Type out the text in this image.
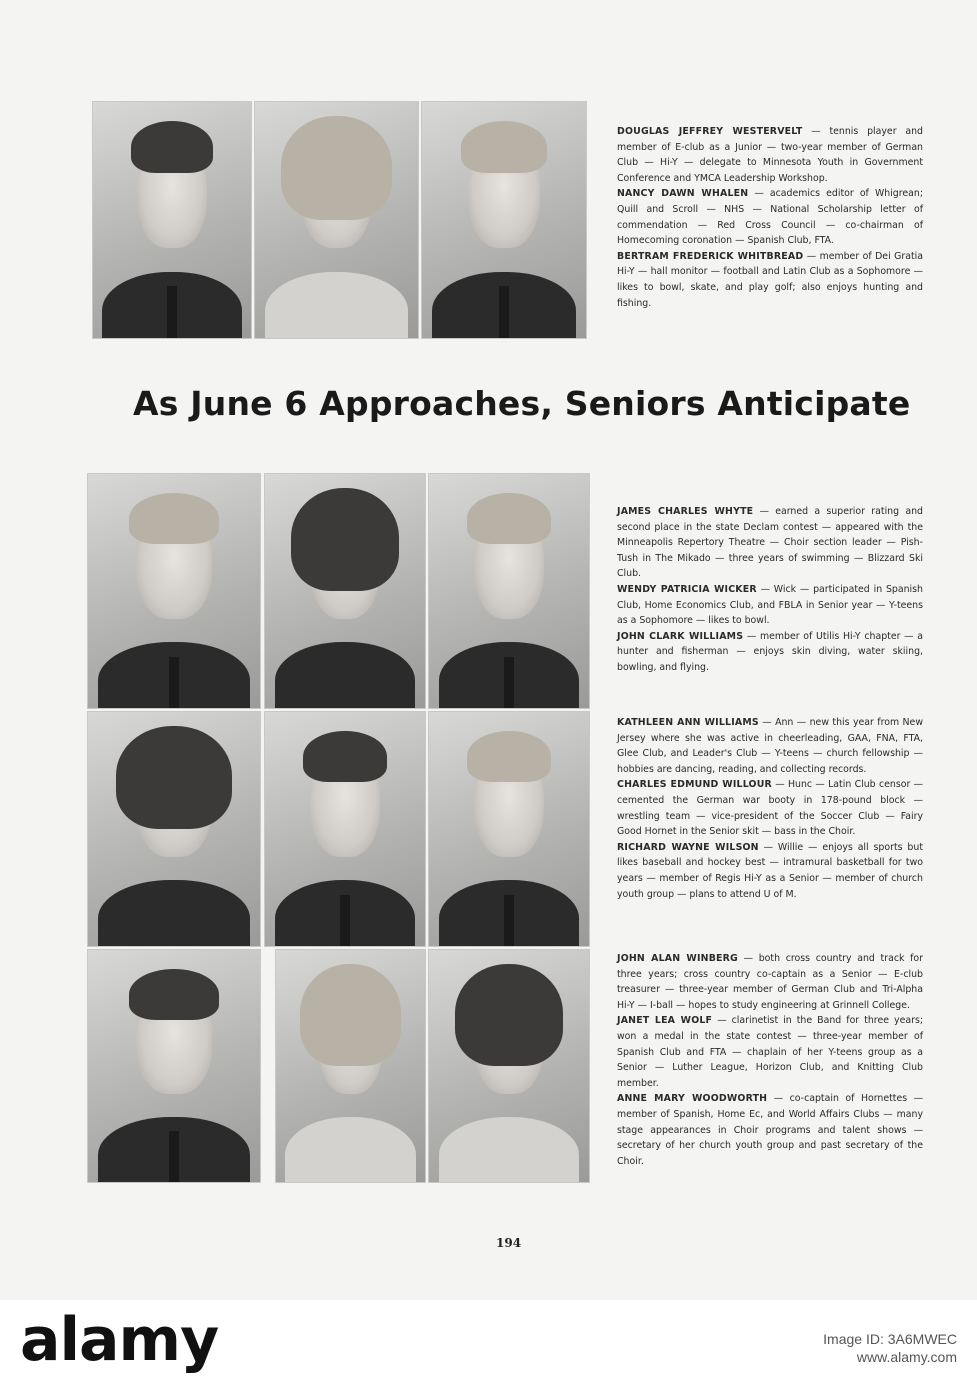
DOUGLAS JEFFREY WESTERVELT — tennis player and member of E-club as a Junior — two-year member of German Club — Hi-Y — delegate to Minnesota Youth in Government Conference and YMCA Leadership Workshop.

NANCY DAWN WHALEN — academics editor of Whigrean; Quill and Scroll — NHS — National Scholarship letter of commendation — Red Cross Council — co-chairman of Homecoming coronation — Spanish Club, FTA.

BERTRAM FREDERICK WHITBREAD — member of Dei Gratia Hi-Y — hall monitor — football and Latin Club as a Sophomore — likes to bowl, skate, and play golf; also enjoys hunting and fishing.

As June 6 Approaches, Seniors Anticipate

JAMES CHARLES WHYTE — earned a superior rating and second place in the state Declam contest — appeared with the Minneapolis Repertory Theatre — Choir section leader — Pish-Tush in The Mikado — three years of swimming — Blizzard Ski Club.

WENDY PATRICIA WICKER — Wick — participated in Spanish Club, Home Economics Club, and FBLA in Senior year — Y-teens as a Sophomore — likes to bowl.

JOHN CLARK WILLIAMS — member of Utilis Hi-Y chapter — a hunter and fisherman — enjoys skin diving, water skiing, bowling, and flying.

KATHLEEN ANN WILLIAMS — Ann — new this year from New Jersey where she was active in cheerleading, GAA, FNA, FTA, Glee Club, and Leader's Club — Y-teens — church fellowship — hobbies are dancing, reading, and collecting records.

CHARLES EDMUND WILLOUR — Hunc — Latin Club censor — cemented the German war booty in 178-pound block — wrestling team — vice-president of the Soccer Club — Fairy Good Hornet in the Senior skit — bass in the Choir.

RICHARD WAYNE WILSON — Willie — enjoys all sports but likes baseball and hockey best — intramural basketball for two years — member of Regis Hi-Y as a Senior — member of church youth group — plans to attend U of M.

JOHN ALAN WINBERG — both cross country and track for three years; cross country co-captain as a Senior — E-club treasurer — three-year member of German Club and Tri-Alpha Hi-Y — I-ball — hopes to study engineering at Grinnell College.

JANET LEA WOLF — clarinetist in the Band for three years; won a medal in the state contest — three-year member of Spanish Club and FTA — chaplain of her Y-teens group as a Senior — Luther League, Horizon Club, and Knitting Club member.

ANNE MARY WOODWORTH — co-captain of Hornettes — member of Spanish, Home Ec, and World Affairs Clubs — many stage appearances in Choir programs and talent shows — secretary of her church youth group and past secretary of the Choir.

194
alamy	Image ID: 3A6MWEC
www.alamy.com
